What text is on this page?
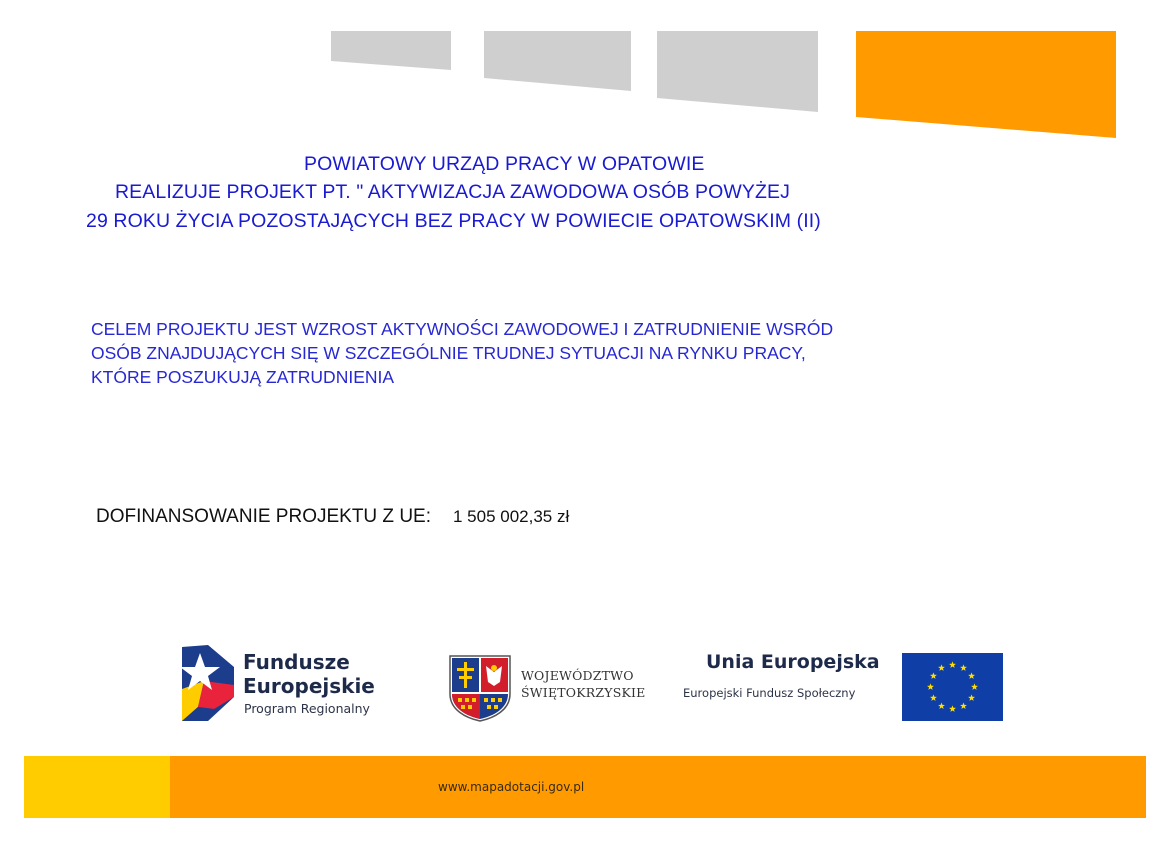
POWIATOWY URZĄD PRACY W OPATOWIE
REALIZUJE PROJEKT PT. " AKTYWIZACJA ZAWODOWA OSÓB POWYŻEJ
29 ROKU ŻYCIA POZOSTAJĄCYCH BEZ PRACY W POWIECIE OPATOWSKIM (II)
CELEM PROJEKTU JEST WZROST AKTYWNOŚCI ZAWODOWEJ I ZATRUDNIENIE WSRÓD
OSÓB ZNAJDUJĄCYCH SIĘ W SZCZEGÓLNIE TRUDNEJ SYTUACJI NA RYNKU PRACY,
KTÓRE POSZUKUJĄ ZATRUDNIENIA
DOFINANSOWANIE PROJEKTU Z UE: 1 505 002,35 zł
Fundusze
Europejskie
Program Regionalny
WOJEWÓDZTWO
ŚWIĘTOKRZYSKIE
Unia Europejska
Europejski Fundusz Społeczny
www.mapadotacji.gov.pl
